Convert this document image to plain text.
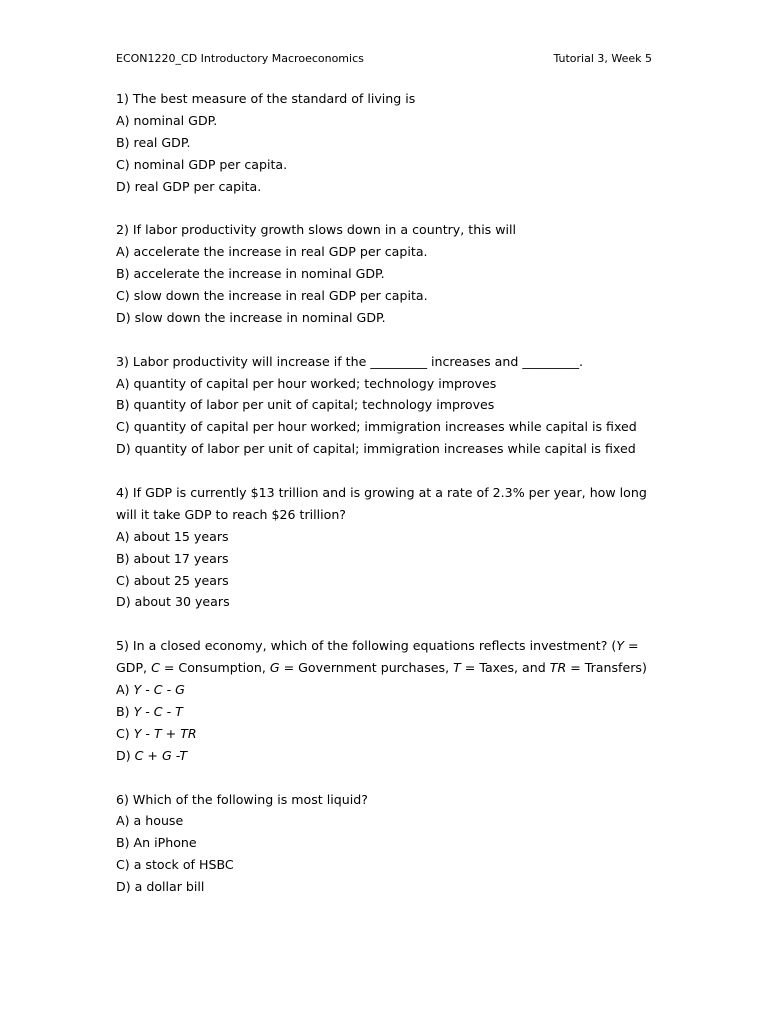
ECON1220_CD Introductory Macroeconomics	Tutorial 3, Week 5
1) The best measure of the standard of living is
A) nominal GDP.
B) real GDP.
C) nominal GDP per capita.
D) real GDP per capita.
2) If labor productivity growth slows down in a country, this will
A) accelerate the increase in real GDP per capita.
B) accelerate the increase in nominal GDP.
C) slow down the increase in real GDP per capita.
D) slow down the increase in nominal GDP.
3) Labor productivity will increase if the _________ increases and _________.
A) quantity of capital per hour worked; technology improves
B) quantity of labor per unit of capital; technology improves
C) quantity of capital per hour worked; immigration increases while capital is fixed
D) quantity of labor per unit of capital; immigration increases while capital is fixed
4) If GDP is currently $13 trillion and is growing at a rate of 2.3% per year, how long
will it take GDP to reach $26 trillion?
A) about 15 years
B) about 17 years
C) about 25 years
D) about 30 years
5) In a closed economy, which of the following equations reflects investment? (Y =
GDP, C = Consumption, G = Government purchases, T = Taxes, and TR = Transfers)
A) Y - C - G
B) Y - C - T
C) Y - T + TR
D) C + G -T
6) Which of the following is most liquid?
A) a house
B) An iPhone
C) a stock of HSBC
D) a dollar bill
